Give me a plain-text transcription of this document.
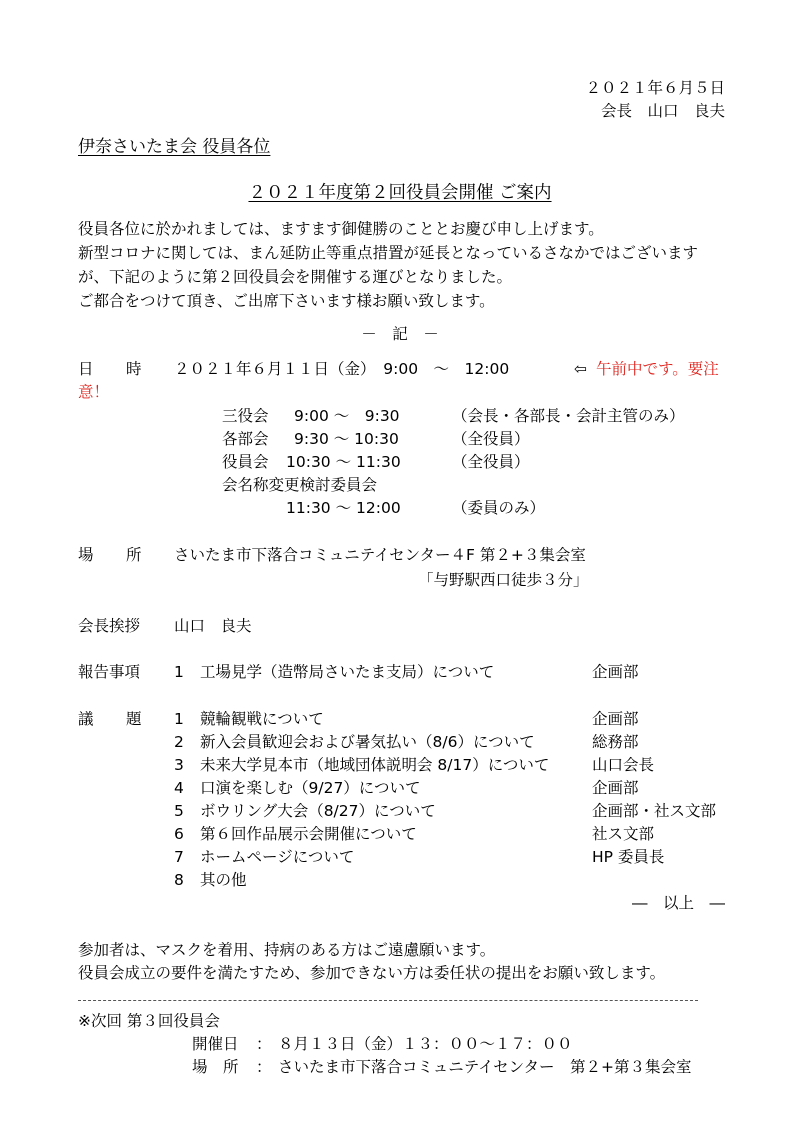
２０２１年６月５日
会長　山口　良夫
伊奈さいたま会 役員各位
２０２１年度第２回役員会開催 ご案内
役員各位に於かれましては、ますます御健勝のこととお慶び申し上げます。
新型コロナに関しては、まん延防止等重点措置が延長となっているさなかではございます
が、下記のように第２回役員会を開催する運びとなりました。
ご都合をつけて頂き、ご出席下さいます様お願い致します。
－　記　－
日 時 ２０２１年６月１１日（金）　9:00　～　12:00	⇦ 午前中です。要注
意！
三役会 9:00 ～　9:30	（会長・各部長・会計主管のみ）
各部会 9:30 ～ 10:30	（全役員）
役員会 10:30 ～ 11:30	（全役員）
会名称変更検討委員会
11:30 ～ 12:00	（委員のみ）
場 所 さいたま市下落合コミュニテイセンター４F 第２+３集会室
「与野駅西口徒歩３分」
会長挨拶 山口　良夫
報告事項 1 工場見学（造幣局さいたま支局）について	企画部
議 題 1 競輪観戦について	企画部
2 新入会員歓迎会および暑気払い（8/6）について	総務部
3 未来大学見本市（地域団体説明会 8/17）について	山口会長
4 口演を楽しむ（9/27）について	企画部
5 ボウリング大会（8/27）について	企画部・社ス文部
6 第６回作品展示会開催について	社ス文部
7 ホームページについて	HP 委員長
8 其の他
―　以上　―
参加者は、マスクを着用、持病のある方はご遠慮願います。
役員会成立の要件を満たすため、参加できない方は委任状の提出をお願い致します。
※次回 第３回役員会
開催日 ： ８月１３日（金）１３：００～１７：００
場　所 ： さいたま市下落合コミュニテイセンター　第２+第３集会室
